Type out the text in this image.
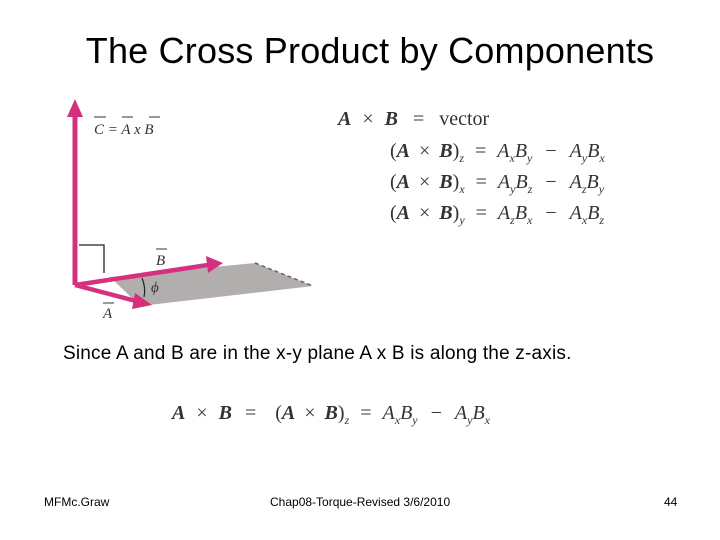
The Cross Product by Components
C = A x B
B
A
ϕ
A × B = vector
$(A \times B)_z = A_xB_y - A_yB_x$
$(A \times B)_x = A_yB_z - A_zB_y$
$(A \times B)_y = A_zB_x - A_xB_z$
Since A and B are in the x-y plane A x B is along the z-axis.
$A \times B = (A \times B)_z = A_xB_y - A_yB_x$
MFMc.Graw	Chap08-Torque-Revised 3/6/2010	44
